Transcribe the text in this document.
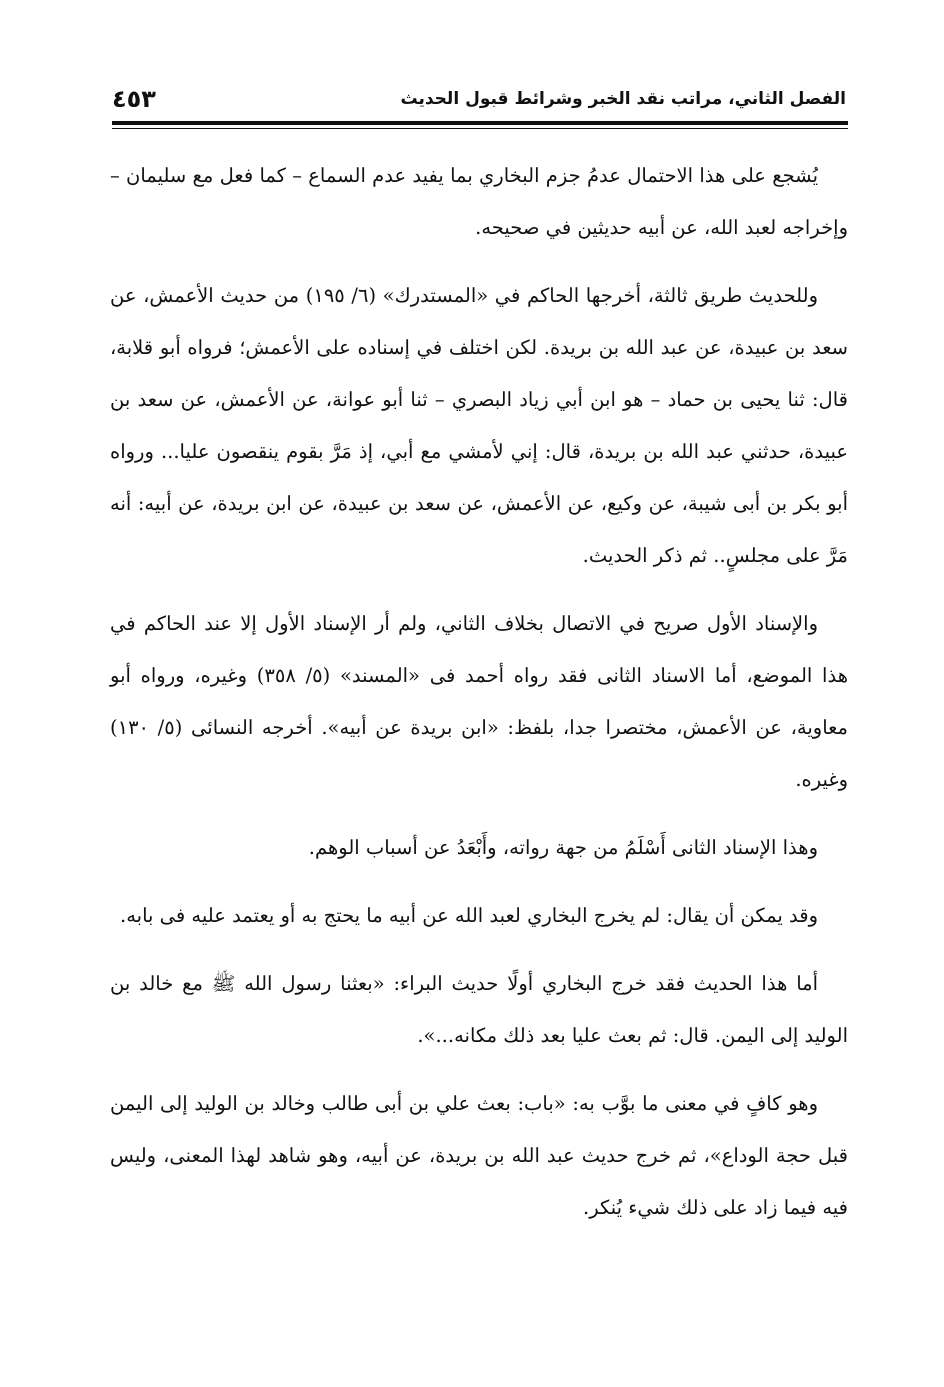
الفصل الثاني، مراتب نقد الخبر وشرائط قبول الحديث
٤٥٣

يُشجع على هذا الاحتمال عدمُ جزم البخاري بما يفيد عدم السماع – كما فعل مع سليمان – وإخراجه لعبد الله، عن أبيه حديثين في صحيحه.

وللحديث طريق ثالثة، أخرجها الحاكم في «المستدرك» (٦/ ١٩٥) من حديث الأعمش، عن سعد بن عبيدة، عن عبد الله بن بريدة. لكن اختلف في إسناده على الأعمش؛ فرواه أبو قلابة، قال: ثنا يحيى بن حماد – هو ابن أبي زياد البصري – ثنا أبو عوانة، عن الأعمش، عن سعد بن عبيدة، حدثني عبد الله بن بريدة، قال: إني لأمشي مع أبي، إذ مَرَّ بقوم ينقصون عليا... ورواه أبو بكر بن أبى شيبة، عن وكيع، عن الأعمش، عن سعد بن عبيدة، عن ابن بريدة، عن أبيه: أنه مَرَّ على مجلسٍ.. ثم ذكر الحديث.

والإسناد الأول صريح في الاتصال بخلاف الثاني، ولم أر الإسناد الأول إلا عند الحاكم في هذا الموضع، أما الاسناد الثانى فقد رواه أحمد فى «المسند» (٥/ ٣٥٨) وغيره، ورواه أبو معاوية، عن الأعمش، مختصرا جدا، بلفظ: «ابن بريدة عن أبيه». أخرجه النسائى (٥/ ١٣٠) وغيره.

وهذا الإسناد الثانى أَسْلَمُ من جهة رواته، وأَبْعَدُ عن أسباب الوهم.

وقد يمكن أن يقال: لم يخرج البخاري لعبد الله عن أبيه ما يحتج به أو يعتمد عليه فى بابه.

أما هذا الحديث فقد خرج البخاري أولًا حديث البراء: «بعثنا رسول الله ﷺ مع خالد بن الوليد إلى اليمن. قال: ثم بعث عليا بعد ذلك مكانه...».

وهو كافٍ في معنى ما بوَّب به: «باب: بعث علي بن أبى طالب وخالد بن الوليد إلى اليمن قبل حجة الوداع»، ثم خرج حديث عبد الله بن بريدة، عن أبيه، وهو شاهد لهذا المعنى، وليس فيه فيما زاد على ذلك شيء يُنكر.
